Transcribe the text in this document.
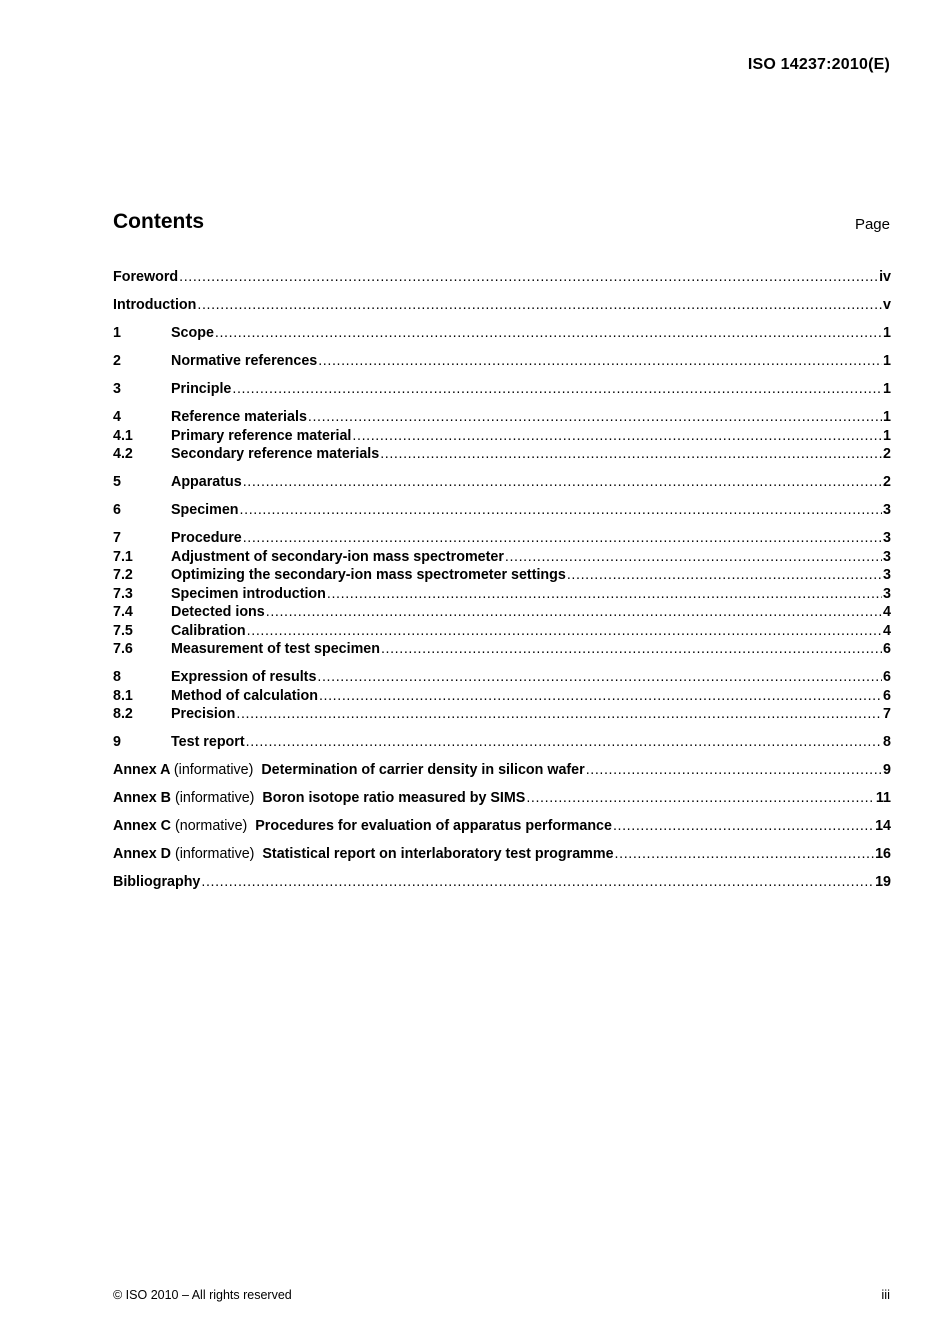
ISO 14237:2010(E)
Contents	Page
Foreword .....	iv
Introduction .....	v
1	Scope .....	1
2	Normative references .....	1
3	Principle .....	1
4	Reference materials .....	1
4.1	Primary reference material .....	1
4.2	Secondary reference materials .....	2
5	Apparatus .....	2
6	Specimen .....	3
7	Procedure .....	3
7.1	Adjustment of secondary-ion mass spectrometer .....	3
7.2	Optimizing the secondary-ion mass spectrometer settings .....	3
7.3	Specimen introduction .....	3
7.4	Detected ions .....	4
7.5	Calibration .....	4
7.6	Measurement of test specimen .....	6
8	Expression of results .....	6
8.1	Method of calculation .....	6
8.2	Precision .....	7
9	Test report .....	8
Annex A (informative) Determination of carrier density in silicon wafer .....	9
Annex B (informative) Boron isotope ratio measured by SIMS .....	11
Annex C (normative) Procedures for evaluation of apparatus performance .....	14
Annex D (informative) Statistical report on interlaboratory test programme .....	16
Bibliography .....	19
© ISO 2010 – All rights reserved	iii
